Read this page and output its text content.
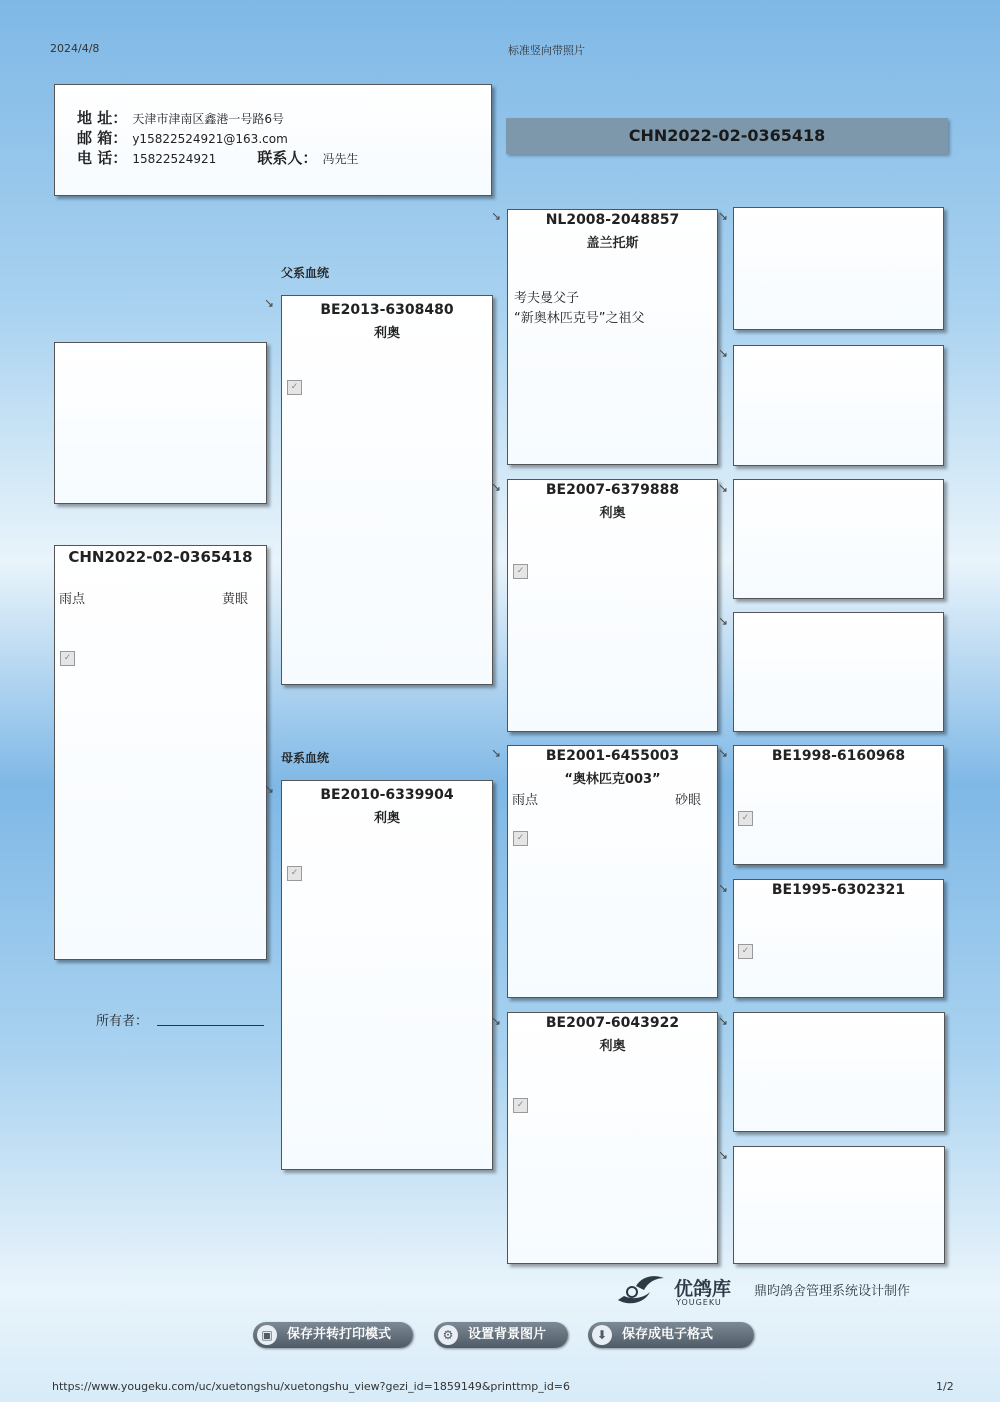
2024/4/8	标准竖向带照片
地 址： 天津市津南区鑫港一号路6号
邮 箱： y15822524921@163.com
电 话： 15822524921	联系人： 冯先生
CHN2022-02-0365418
CHN2022-02-0365418
雨点	黄眼
✓
所有者：
父系血统
母系血统
↘	BE2013-6308480
利奥
✓
↘	BE2010-6339904
利奥
✓
↘	NL2008-2048857
盖兰托斯
考夫曼父子
“新奥林匹克号”之祖父
↘	BE2007-6379888
利奥
✓
↘	BE2001-6455003
“奥林匹克003”
雨点	砂眼
✓
↘	BE2007-6043922
利奥
✓
↘
↘
↘
↘
↘	BE1998-6160968
✓
↘	BE1995-6302321
✓
↘
↘
优鸽库
YOUGEKU
鼎昀鸽舍管理系统设计制作
▣	保存并转打印模式	⚙	设置背景图片	⬇	保存成电子格式
https://www.yougeku.com/uc/xuetongshu/xuetongshu_view?gezi_id=1859149&printtmp_id=6	1/2
